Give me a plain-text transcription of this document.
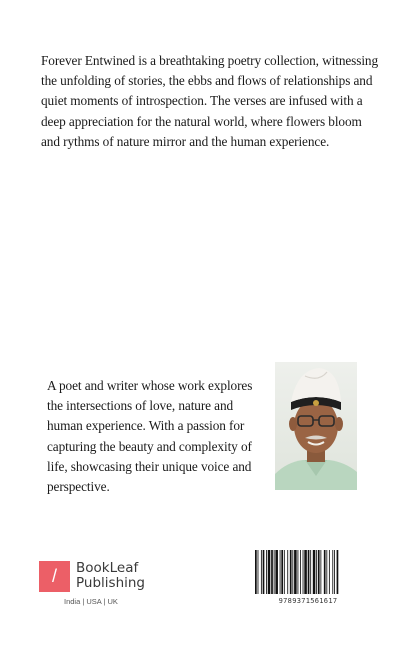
Forever Entwined is a breathtaking poetry collection, witnessing the unfolding of stories, the ebbs and flows of relationships and quiet moments of introspection. The verses are infused with a deep appreciation for the natural world, where flowers bloom and rythms of nature mirror and the human experience.
A poet and writer whose work explores the intersections of love, nature and human experience. With a passion for capturing the beauty and complexity of life, showcasing their unique voice and perspective.
/	BookLeaf
Publishing
India | USA | UK	9789371561617
